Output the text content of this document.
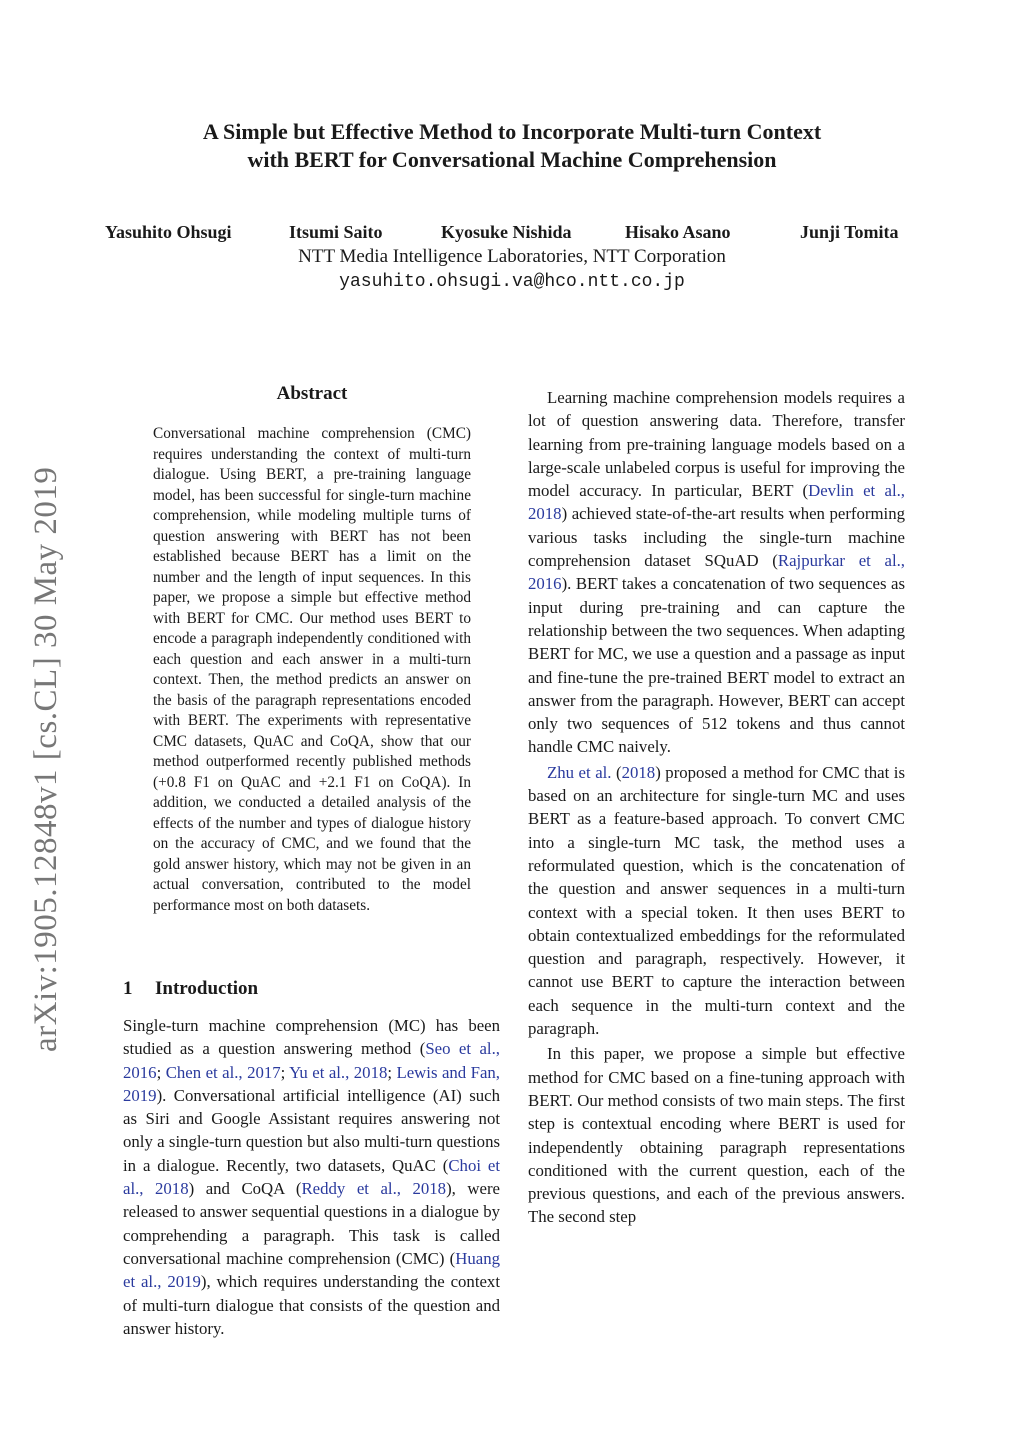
A Simple but Effective Method to Incorporate Multi-turn Context
with BERT for Conversational Machine Comprehension
Yasuhito Ohsugi	Itsumi Saito	Kyosuke Nishida	Hisako Asano	Junji Tomita
NTT Media Intelligence Laboratories, NTT Corporation
yasuhito.ohsugi.va@hco.ntt.co.jp
arXiv:1905.12848v1 [cs.CL] 30 May 2019
Abstract

Conversational machine comprehension (CMC) requires understanding the context of multi-turn dialogue. Using BERT, a pre-training language model, has been successful for single-turn machine comprehension, while modeling multiple turns of question answering with BERT has not been established because BERT has a limit on the number and the length of input sequences. In this paper, we propose a simple but effective method with BERT for CMC. Our method uses BERT to encode a paragraph independently conditioned with each question and each answer in a multi-turn context. Then, the method predicts an answer on the basis of the paragraph representations encoded with BERT. The experiments with representative CMC datasets, QuAC and CoQA, show that our method outperformed recently published methods (+0.8 F1 on QuAC and +2.1 F1 on CoQA). In addition, we conducted a detailed analysis of the effects of the number and types of dialogue history on the accuracy of CMC, and we found that the gold answer history, which may not be given in an actual conversation, contributed to the model performance most on both datasets.

1 Introduction

Single-turn machine comprehension (MC) has been studied as a question answering method (Seo et al., 2016; Chen et al., 2017; Yu et al., 2018; Lewis and Fan, 2019). Conversational artificial intelligence (AI) such as Siri and Google Assistant requires answering not only a single-turn question but also multi-turn questions in a dialogue. Recently, two datasets, QuAC (Choi et al., 2018) and CoQA (Reddy et al., 2018), were released to answer sequential questions in a dialogue by comprehending a paragraph. This task is called conversational machine comprehension (CMC) (Huang et al., 2019), which requires understanding the context of multi-turn dialogue that consists of the question and answer history.

Learning machine comprehension models requires a lot of question answering data. Therefore, transfer learning from pre-training language models based on a large-scale unlabeled corpus is useful for improving the model accuracy. In particular, BERT (Devlin et al., 2018) achieved state-of-the-art results when performing various tasks including the single-turn machine comprehension dataset SQuAD (Rajpurkar et al., 2016). BERT takes a concatenation of two sequences as input during pre-training and can capture the relationship between the two sequences. When adapting BERT for MC, we use a question and a passage as input and fine-tune the pre-trained BERT model to extract an answer from the paragraph. However, BERT can accept only two sequences of 512 tokens and thus cannot handle CMC naively.

Zhu et al. (2018) proposed a method for CMC that is based on an architecture for single-turn MC and uses BERT as a feature-based approach. To convert CMC into a single-turn MC task, the method uses a reformulated question, which is the concatenation of the question and answer sequences in a multi-turn context with a special token. It then uses BERT to obtain contextualized embeddings for the reformulated question and paragraph, respectively. However, it cannot use BERT to capture the interaction between each sequence in the multi-turn context and the paragraph.

In this paper, we propose a simple but effective method for CMC based on a fine-tuning approach with BERT. Our method consists of two main steps. The first step is contextual encoding where BERT is used for independently obtaining paragraph representations conditioned with the current question, each of the previous questions, and each of the previous answers. The second step
